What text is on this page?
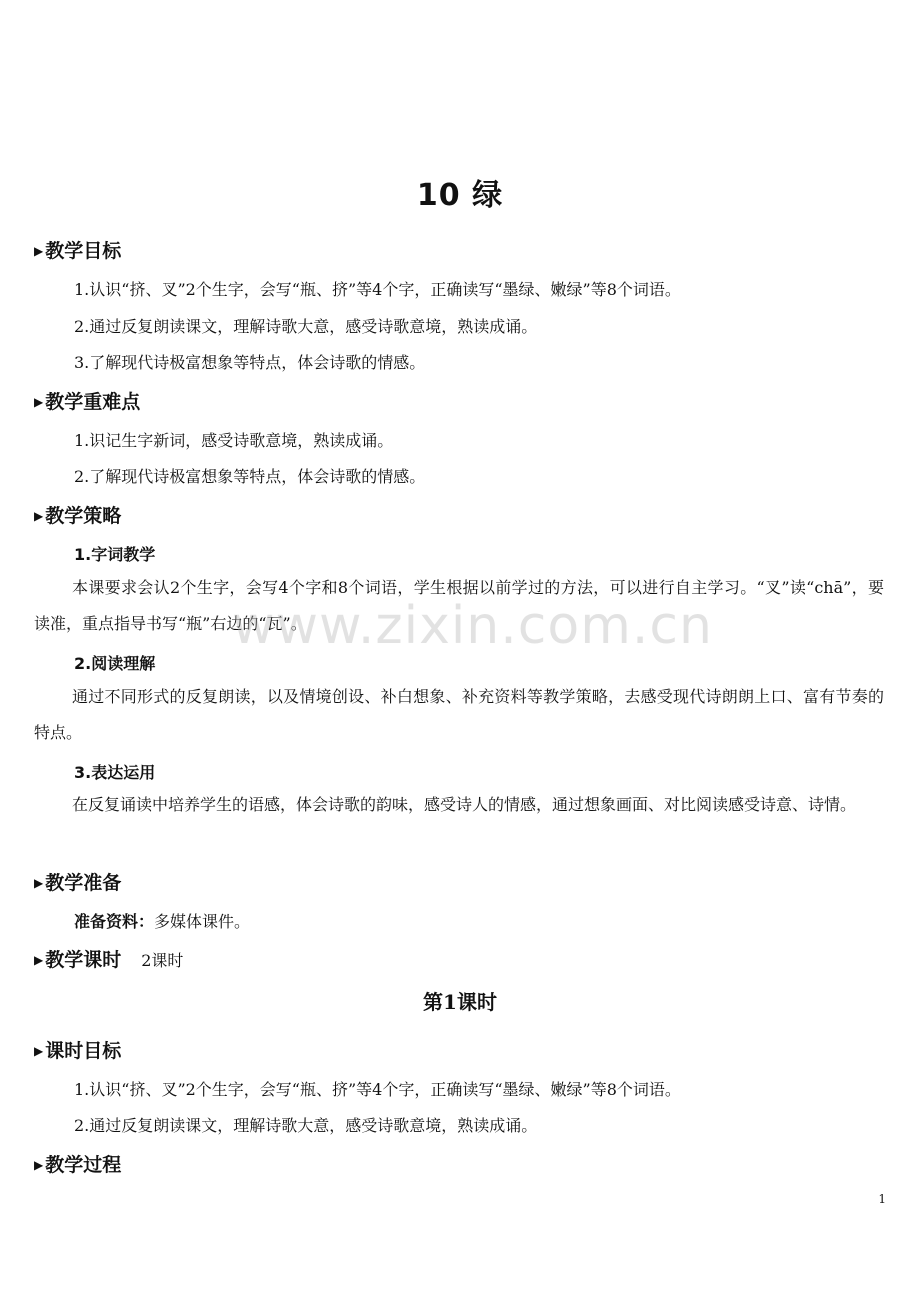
10 绿
▶ 教学目标
1.认识“挤、叉”2个生字，会写“瓶、挤”等4个字，正确读写“墨绿、嫩绿”等8个词语。
2.通过反复朗读课文，理解诗歌大意，感受诗歌意境，熟读成诵。
3.了解现代诗极富想象等特点，体会诗歌的情感。
▶ 教学重难点
1.识记生字新词，感受诗歌意境，熟读成诵。
2.了解现代诗极富想象等特点，体会诗歌的情感。
▶ 教学策略
1.字词教学
本课要求会认2个生字，会写4个字和8个词语，学生根据以前学过的方法，可以进行自主学习。“叉”读“chā”，要读准，重点指导书写“瓶”右边的“瓦”。
2.阅读理解
通过不同形式的反复朗读，以及情境创设、补白想象、补充资料等教学策略，去感受现代诗朗朗上口、富有节奏的特点。
3.表达运用
在反复诵读中培养学生的语感，体会诗歌的韵味，感受诗人的情感，通过想象画面、对比阅读感受诗意、诗情。
▶ 教学准备
准备资料：多媒体课件。
▶ 教学课时 2课时
第1课时
▶ 课时目标
1.认识“挤、叉”2个生字，会写“瓶、挤”等4个字，正确读写“墨绿、嫩绿”等8个词语。
2.通过反复朗读课文，理解诗歌大意，感受诗歌意境，熟读成诵。
▶ 教学过程
www.zixin.com.cn
1
